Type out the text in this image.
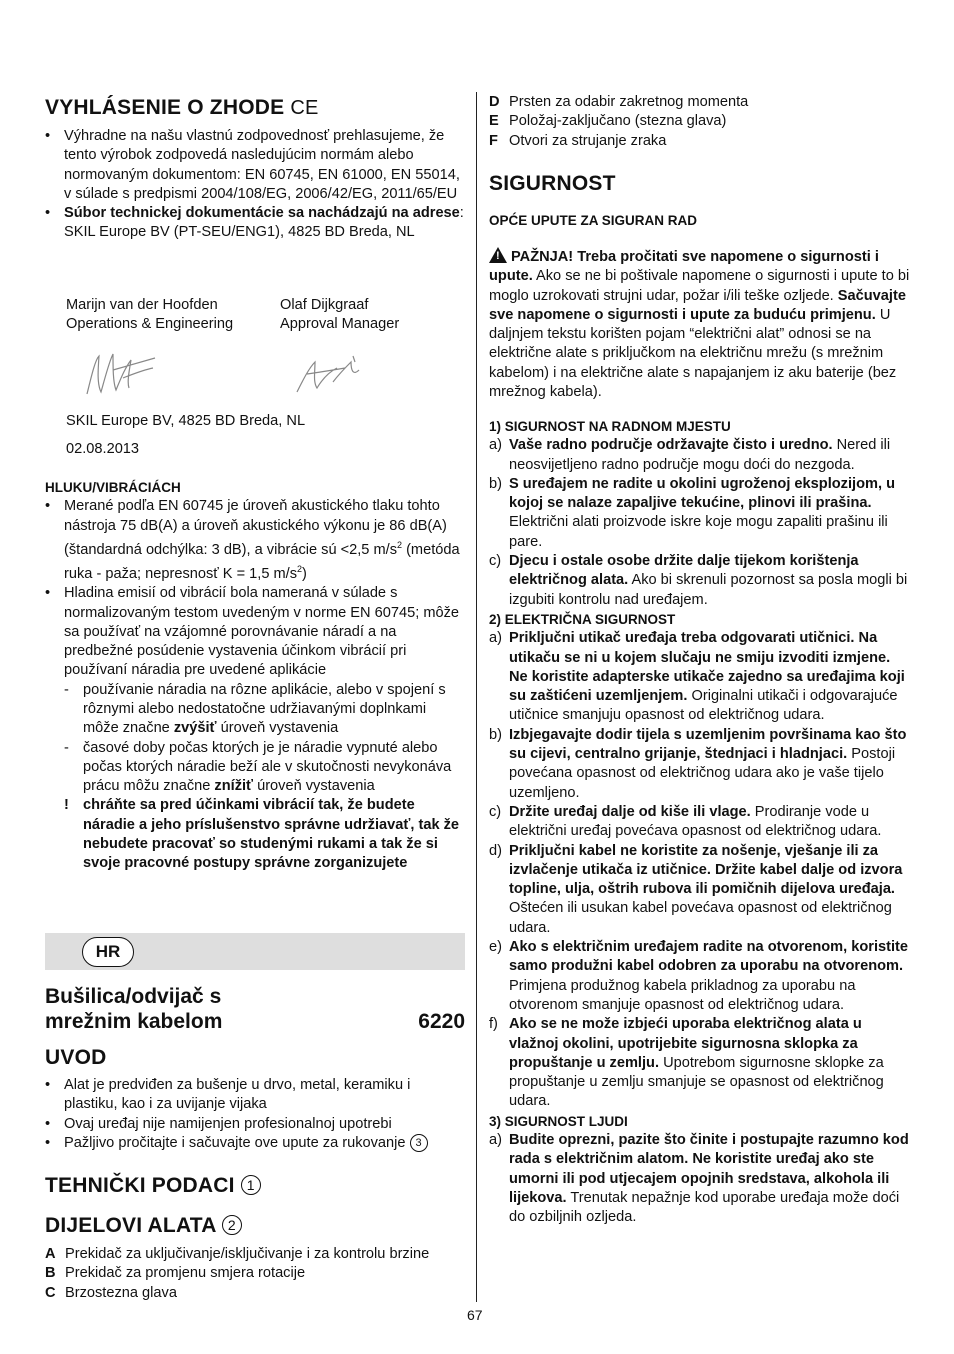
VYHLÁSENIE O ZHODE CE
• Výhradne na našu vlastnú zodpovednosť prehlasujeme, že tento výrobok zodpovedá nasledujúcim normám alebo normovaným dokumentom: EN 60745, EN 61000, EN 55014, v súlade s predpismi 2004/108/EG, 2006/42/EG, 2011/65/EU
• Súbor technickej dokumentácie sa nachádzajú na adrese: SKIL Europe BV (PT-SEU/ENG1), 4825 BD Breda, NL
Marijn van der Hoofden
Operations & Engineering
Olaf Dijkgraaf
Approval Manager
SKIL Europe BV, 4825 BD Breda, NL
02.08.2013
HLUKU/VIBRÁCIÁCH
• Merané podľa EN 60745 je úroveň akustického tlaku tohto nástroja 75 dB(A) a úroveň akustického výkonu je 86 dB(A) (štandardná odchýlka: 3 dB), a vibrácie sú <2,5 $m/s^2$ (metóda ruka - paža; nepresnosť K = 1,5 $m/s^2$)
• Hladina emisií od vibrácií bola nameraná v súlade s normalizovaným testom uvedeným v norme EN 60745; môže sa používať na vzájomné porovnávanie náradí a na predbežné posúdenie vystavenia účinkom vibrácií pri používaní náradia pre uvedené aplikácie
- používanie náradia na rôzne aplikácie, alebo v spojení s rôznymi alebo nedostatočne udržiavanými doplnkami môže značne zvýšiť úroveň vystavenia
- časové doby počas ktorých je je náradie vypnuté alebo počas ktorých náradie beží ale v skutočnosti nevykonáva prácu môžu značne znížiť úroveň vystavenia
! chráňte sa pred účinkami vibrácií tak, že budete náradie a jeho príslušenstvo správne udržiavať, tak že nebudete pracovať so studenými rukami a tak že si svoje pracovné postupy správne zorganizujete
Bušilica/odvijač s
mrežnim kabelom	6220
UVOD
• Alat je predviđen za bušenje u drvo, metal, keramiku i plastiku, kao i za uvijanje vijaka
• Ovaj uređaj nije namijenjen profesionalnoj upotrebi
• Pažljivo pročitajte i sačuvajte ove upute za rukovanje 3
TEHNIČKI PODACI 1
DIJELOVI ALATA 2
A Prekidač za uključivanje/isključivanje i za kontrolu brzine
B Prekidač za promjenu smjera rotacije
C Brzostezna glava
HR
D Prsten za odabir zakretnog momenta
E Položaj-zaključano (stezna glava)
F Otvori za strujanje zraka
SIGURNOST
OPĆE UPUTE ZA SIGURAN RAD
!PAŽNJA! Treba pročitati sve napomene o sigurnosti i upute. Ako se ne bi poštivale napomene o sigurnosti i upute to bi moglo uzrokovati strujni udar, požar i/ili teške ozljede. Sačuvajte sve napomene o sigurnosti i upute za buduću primjenu. U daljnjem tekstu korišten pojam “električni alat” odnosi se na električne alate s priključkom na električnu mrežu (s mrežnim kabelom) i na električne alate s napajanjem iz aku baterije (bez mrežnog kabela).
1) SIGURNOST NA RADNOM MJESTU
a) Vaše radno područje održavajte čisto i uredno. Nered ili neosvijetljeno radno područje mogu doći do nezgoda.
b) S uređajem ne radite u okolini ugroženoj eksplozijom, u kojoj se nalaze zapaljive tekućine, plinovi ili prašina. Električni alati proizvode iskre koje mogu zapaliti prašinu ili pare.
c) Djecu i ostale osobe držite dalje tijekom korištenja električnog alata. Ako bi skrenuli pozornost sa posla mogli bi izgubiti kontrolu nad uređajem.
2) ELEKTRIČNA SIGURNOST
a) Priključni utikač uređaja treba odgovarati utičnici. Na utikaču se ni u kojem slučaju ne smiju izvoditi izmjene. Ne koristite adapterske utikače zajedno sa uređajima koji su zaštićeni uzemljenjem. Originalni utikači i odgovarajuće utičnice smanjuju opasnost od električnog udara.
b) Izbjegavajte dodir tijela s uzemljenim površinama kao što su cijevi, centralno grijanje, štednjaci i hladnjaci. Postoji povećana opasnost od električnog udara ako je vaše tijelo uzemljeno.
c) Držite uređaj dalje od kiše ili vlage. Prodiranje vode u električni uređaj povećava opasnost od električnog udara.
d) Priključni kabel ne koristite za nošenje, vješanje ili za izvlačenje utikača iz utičnice. Držite kabel dalje od izvora topline, ulja, oštrih rubova ili pomičnih dijelova uređaja. Oštećen ili usukan kabel povećava opasnost od električnog udara.
e) Ako s električnim uređajem radite na otvorenom, koristite samo produžni kabel odobren za uporabu na otvorenom. Primjena produžnog kabela prikladnog za uporabu na otvorenom smanjuje opasnost od električnog udara.
f) Ako se ne može izbjeći uporaba električnog alata u vlažnoj okolini, upotrijebite sigurnosna sklopka za propuštanje u zemlju. Upotrebom sigurnosne sklopke za propuštanje u zemlju smanjuje se opasnost od električnog udara.
3) SIGURNOST LJUDI
a) Budite oprezni, pazite što činite i postupajte razumno kod rada s električnim alatom. Ne koristite uređaj ako ste umorni ili pod utjecajem opojnih sredstava, alkohola ili lijekova. Trenutak nepažnje kod uporabe uređaja može doći do ozbiljnih ozljeda.
67
